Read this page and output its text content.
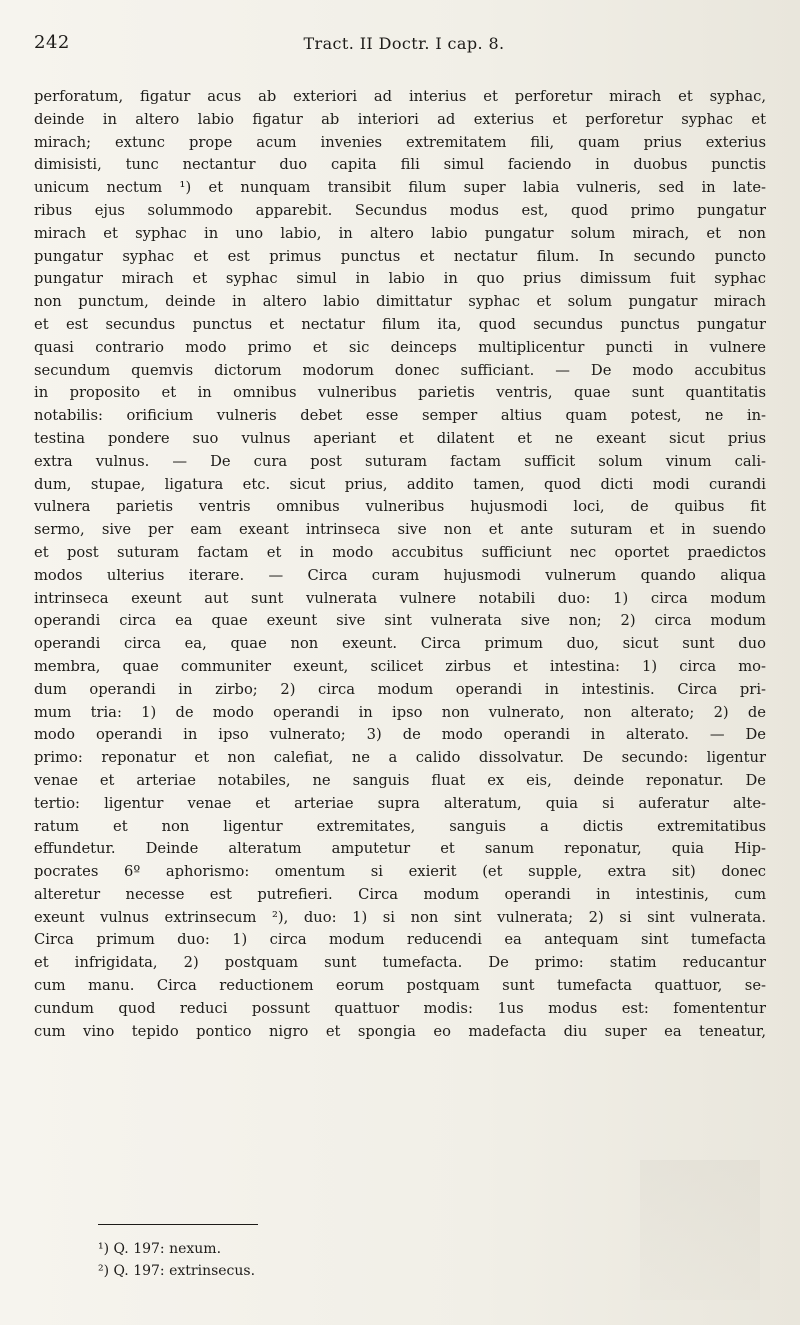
242	Tract. II Doctr. I cap. 8.
perforatum, figatur acus ab exteriori ad interius et perforetur mirach et syphac,
deinde in altero labio figatur ab interiori ad exterius et perforetur syphac et
mirach; extunc prope acum invenies extremitatem fili, quam prius exterius
dimisisti, tunc nectantur duo capita fili simul faciendo in duobus punctis
unicum nectum ¹) et nunquam transibit filum super labia vulneris, sed in late-
ribus ejus solummodo apparebit. Secundus modus est, quod primo pungatur
mirach et syphac in uno labio, in altero labio pungatur solum mirach, et non
pungatur syphac et est primus punctus et nectatur filum. In secundo puncto
pungatur mirach et syphac simul in labio in quo prius dimissum fuit syphac
non punctum, deinde in altero labio dimittatur syphac et solum pungatur mirach
et est secundus punctus et nectatur filum ita, quod secundus punctus pungatur
quasi contrario modo primo et sic deinceps multiplicentur puncti in vulnere
secundum quemvis dictorum modorum donec sufficiant. — De modo accubitus
in proposito et in omnibus vulneribus parietis ventris, quae sunt quantitatis
notabilis: orificium vulneris debet esse semper altius quam potest, ne in-
testina pondere suo vulnus aperiant et dilatent et ne exeant sicut prius
extra vulnus. — De cura post suturam factam sufficit solum vinum cali-
dum, stupae, ligatura etc. sicut prius, addito tamen, quod dicti modi curandi
vulnera parietis ventris omnibus vulneribus hujusmodi loci, de quibus fit
sermo, sive per eam exeant intrinseca sive non et ante suturam et in suendo
et post suturam factam et in modo accubitus sufficiunt nec oportet praedictos
modos ulterius iterare. — Circa curam hujusmodi vulnerum quando aliqua
intrinseca exeunt aut sunt vulnerata vulnere notabili duo: 1) circa modum
operandi circa ea quae exeunt sive sint vulnerata sive non; 2) circa modum
operandi circa ea, quae non exeunt. Circa primum duo, sicut sunt duo
membra, quae communiter exeunt, scilicet zirbus et intestina: 1) circa mo-
dum operandi in zirbo; 2) circa modum operandi in intestinis. Circa pri-
mum tria: 1) de modo operandi in ipso non vulnerato, non alterato; 2) de
modo operandi in ipso vulnerato; 3) de modo operandi in alterato. — De
primo: reponatur et non calefiat, ne a calido dissolvatur. De secundo: ligentur
venae et arteriae notabiles, ne sanguis fluat ex eis, deinde reponatur. De
tertio: ligentur venae et arteriae supra alteratum, quia si auferatur alte-
ratum et non ligentur extremitates, sanguis a dictis extremitatibus
effundetur. Deinde alteratum amputetur et sanum reponatur, quia Hip-
pocrates 6º aphorismo: omentum si exierit (et supple, extra sit) donec
alteretur necesse est putrefieri. Circa modum operandi in intestinis, cum
exeunt vulnus extrinsecum ²), duo: 1) si non sint vulnerata; 2) si sint vulnerata.
Circa primum duo: 1) circa modum reducendi ea antequam sint tumefacta
et infrigidata, 2) postquam sunt tumefacta. De primo: statim reducantur
cum manu. Circa reductionem eorum postquam sunt tumefacta quattuor, se-
cundum quod reduci possunt quattuor modis: 1us modus est: fomententur
cum vino tepido pontico nigro et spongia eo madefacta diu super ea teneatur,
¹) Q. 197: nexum.
²) Q. 197: extrinsecus.
